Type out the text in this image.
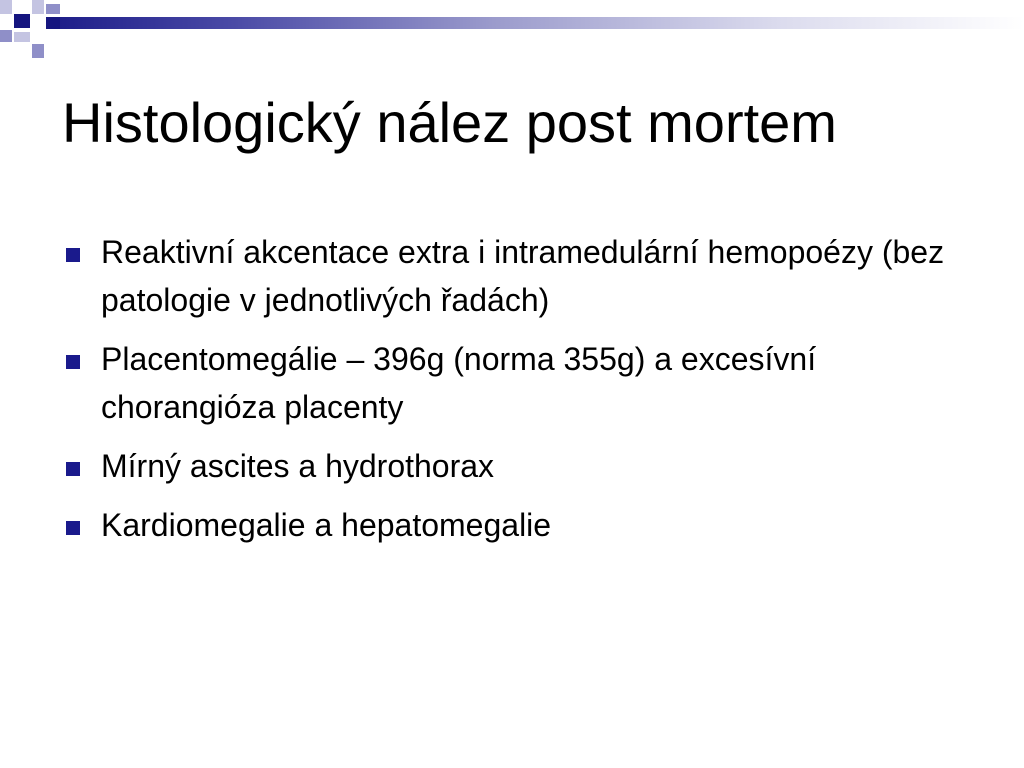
Histologický nález post mortem
Reaktivní akcentace extra i intramedulární hemopoézy (bez patologie v jednotlivých řadách)
Placentomegálie – 396g (norma 355g) a excesívní chorangióza placenty
Mírný ascites a hydrothorax
Kardiomegalie a hepatomegalie
